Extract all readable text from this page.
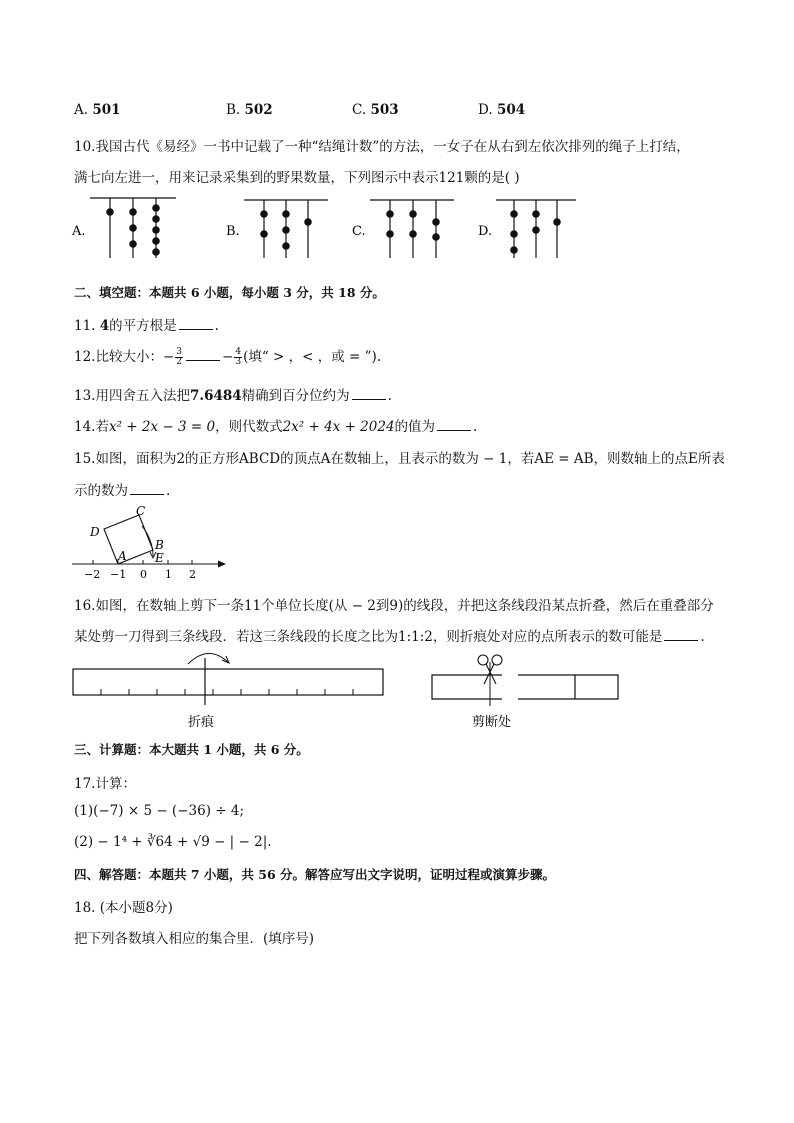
A. 501	B. 502	C. 503	D. 504
10.我国古代《易经》一书中记载了一种“结绳计数”的方法，一女子在从右到左依次排列的绳子上打结，
满七向左进一，用来记录采集到的野果数量，下列图示中表示121颗的是( )
A.	B.	C.	D.
二、填空题：本题共 6 小题，每小题 3 分，共 18 分。
11. 4的平方根是	.
12.比较大小：− $\frac{3}{2}$	− $\frac{4}{3}$ (填“ > ，< ，或 = ”).
13.用四舍五入法把7.6484精确到百分位约为	.
14.若x² + 2x − 3 = 0，则代数式2x² + 4x + 2024的值为	.
15.如图，面积为2的正方形ABCD的顶点A在数轴上，且表示的数为 − 1，若AE = AB，则数轴上的点E所表
示的数为	.
D
C
B
A E
−2 −1 0 1 2
16.如图，在数轴上剪下一条11个单位长度(从 − 2到9)的线段，并把这条线段沿某点折叠，然后在重叠部分
某处剪一刀得到三条线段．若这三条线段的长度之比为1:1:2，则折痕处对应的点所表示的数可能是	.
折痕	剪断处
三、计算题：本大题共 1 小题，共 6 分。
17.计算：
(1)(−7) × 5 − (−36) ÷ 4;
(2) − 1⁴ + ∛64 + √9 − | − 2|.
四、解答题：本题共 7 小题，共 56 分。解答应写出文字说明，证明过程或演算步骤。
18. (本小题8分)
把下列各数填入相应的集合里．(填序号)
